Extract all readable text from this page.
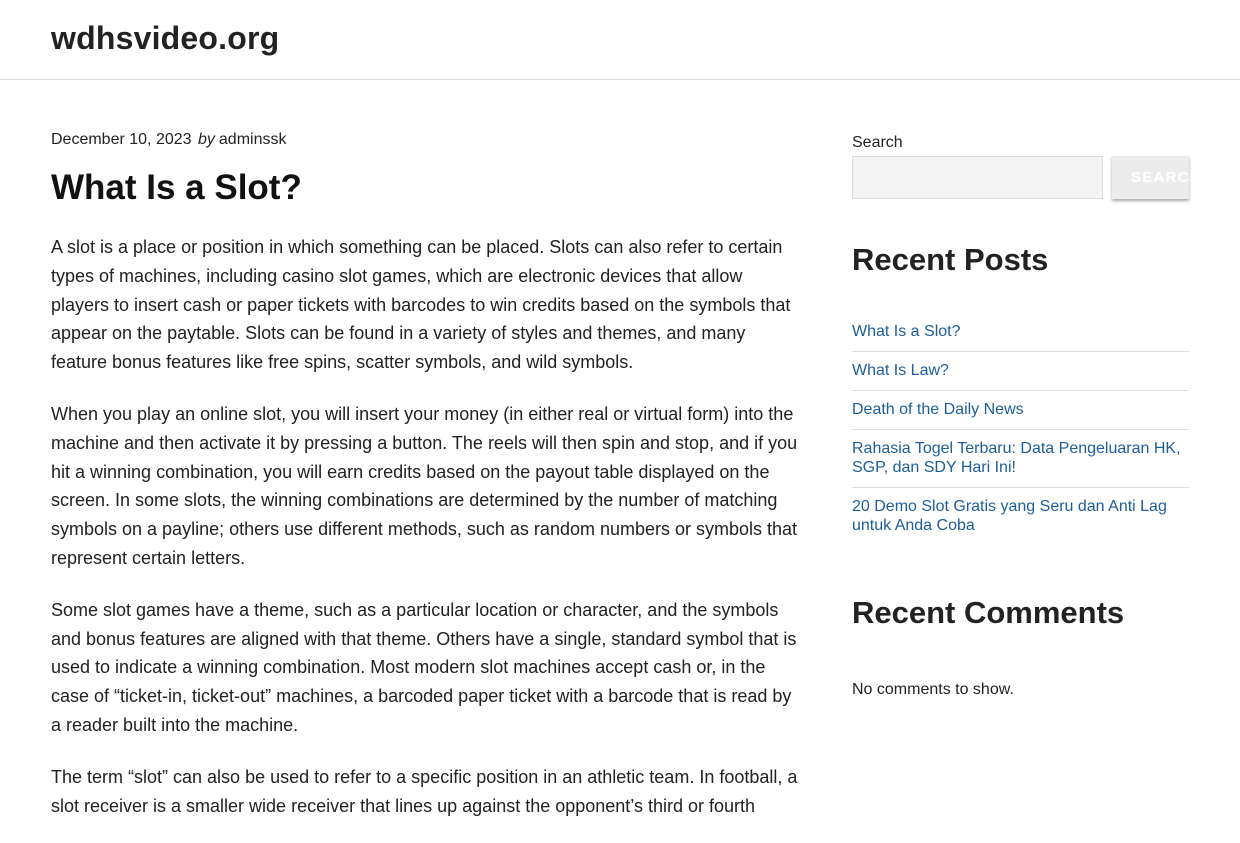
wdhsvideo.org
December 10, 2023 by adminssk
What Is a Slot?

A slot is a place or position in which something can be placed. Slots can also refer to certain types of machines, including casino slot games, which are electronic devices that allow players to insert cash or paper tickets with barcodes to win credits based on the symbols that appear on the paytable. Slots can be found in a variety of styles and themes, and many feature bonus features like free spins, scatter symbols, and wild symbols.

When you play an online slot, you will insert your money (in either real or virtual form) into the machine and then activate it by pressing a button. The reels will then spin and stop, and if you hit a winning combination, you will earn credits based on the payout table displayed on the screen. In some slots, the winning combinations are determined by the number of matching symbols on a payline; others use different methods, such as random numbers or symbols that represent certain letters.

Some slot games have a theme, such as a particular location or character, and the symbols and bonus features are aligned with that theme. Others have a single, standard symbol that is used to indicate a winning combination. Most modern slot machines accept cash or, in the case of “ticket-in, ticket-out” machines, a barcoded paper ticket with a barcode that is read by a reader built into the machine.

The term “slot” can also be used to refer to a specific position in an athletic team. In football, a slot receiver is a smaller wide receiver that lines up against the opponent’s third or fourth

Search
SEARCH
Recent Posts
What Is a Slot?
What Is Law?
Death of the Daily News
Rahasia Togel Terbaru: Data Pengeluaran HK, SGP, dan SDY Hari Ini!
20 Demo Slot Gratis yang Seru dan Anti Lag untuk Anda Coba
Recent Comments
No comments to show.
